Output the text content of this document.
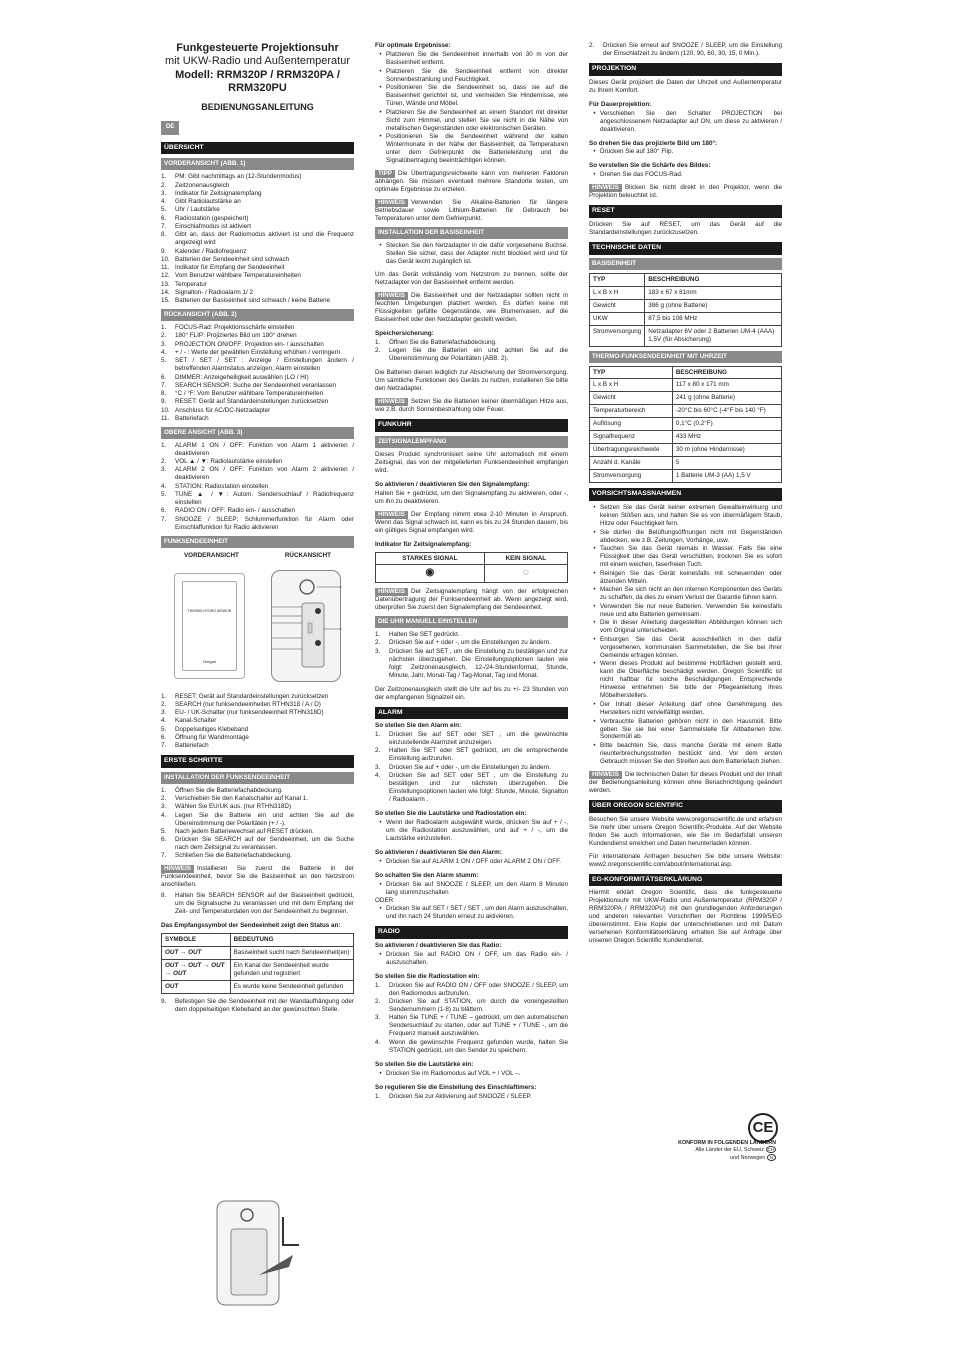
Funkgesteuerte Projektionsuhr
mit UKW-Radio und Außentemperatur
Modell: RRM320P / RRM320PA /
RRM320PU
BEDIENUNGSANLEITUNG
DE
ÜBERSICHT
VORDERANSICHT (ABB. 1)
1.	PM: Gibt nachmittags an (12-Stundenmodus)
2.	Zeitzonenausgleich
3.	Indikator für Zeitsignalempfang
4.	Gibt Radiolautstärke an
5.	Uhr / Lautstärke
6.	Radiostation (gespeichert)
7.	Einschlafmodus ist aktiviert
8.	Gibt an, dass der Radiomodus aktiviert ist und die Frequenz angezeigt wird
9.	Kalender / Radiofrequenz
10. Batterien der Sendeeinheit sind schwach
11. Indikator für Empfang der Sendeeinheit
12. Vom Benutzer wählbare Temperatureinheiten
13. Temperatur
14. Signalton- / Radioalarm 1/ 2
15. Batterien der Basiseinheit sind schwach / keine Batterie
RÜCKANSICHT (ABB. 2)
1.	FOCUS-Rad: Projektionsschärfe einstellen
2.	180° FLIP: Projiziertes Bild um 180° drehen
3.	PROJECTION ON/OFF: Projektion ein- / ausschalten
4.	+ / - : Werte der gewählten Einstellung erhöhen / verringern
5.	SET / SET / SET : Anzeige / Einstellungen ändern / betreffenden Alarmstatus anzeigen; Alarm einstellen
6.	DIMMER: Anzeigehelligkeit auswählen (LO / HI)
7.	SEARCH SENSOR: Suche der Sendeeinheit veranlassen
8.	°C / °F: Vom Benutzer wählbare Temperatureinheiten
9.	RESET: Gerät auf Standardeinstellungen zurücksetzen
10. Anschluss für AC/DC-Netzadapter
11. Batteriefach
OBERE ANSICHT (ABB. 3)
1.	ALARM 1 ON / OFF: Funktion von Alarm 1 aktivieren / deaktivieren
2.	VOL ▲ / ▼: Radiolautstärke einstellen
3.	ALARM 2 ON / OFF: Funktion von Alarm 2 aktivieren / deaktivieren
4.	STATION: Radiostation einstellen
5.	TUNE ▲ / ▼: Autom. Sendersuchlauf / Radiofrequenz einstellen
6.	RADIO ON / OFF: Radio ein- / ausschalten
7.	SNOOZE / SLEEP: Schlummerfunktion für Alarm oder Einschlaffunktion für Radio aktivieren
FUNKSENDEEINHEIT
VORDERANSICHT	RÜCKANSICHT
THERMO-HYGRO SENSOR
Oregon
1.	RESET: Gerät auf Standardeinstellungen zurücksetzen
2.	SEARCH (nur funksendeeinheiten RTHN318 / A / D)
3.	EU- / UK-Schalter (nur funksendeeinheit RTHN318D)
4.	Kanal-Schalter
5.	Doppelseitiges Klebeband
6.	Öffnung für Wandmontage
7.	Batteriefach
ERSTE SCHRITTE
INSTALLATION DER FUNKSENDEEINHEIT
1.	Öffnen Sie die Batteriefachabdeckung.
2.	Verschieben Sie den Kanalschalter auf Kanal 1.
3.	Wählen Sie EU/UK aus. (nur RTHN318D)
4.	Legen Sie die Batterie ein und achten Sie auf die Übereinstimmung der Polaritäten (+ / -).
5.	Nach jedem Batteriewechsel auf RESET drücken.
6.	Drücken Sie SEARCH auf der Sendeeinheit, um die Suche nach dem Zeitsignal zu veranlassen.
7.	Schließen Sie die Batteriefachabdeckung.
HINWEIS Installieren Sie zuerst die Batterie in der Funksendeeinheit, bevor Sie die Basiseinheit an den Netzstrom anschließen.
8.	Halten Sie SEARCH SENSOR auf der Basiseinheit gedrückt, um die Signalsuche zu veranlassen und mit dem Empfang der Zeit- und Temperaturdaten von der Sendeeinheit zu beginnen.

Das Empfangssymbol der Sendeeinheit zeigt den Status an:

SYMBOLE	BEDEUTUNG
OUT → OUT	Basiseinheit sucht nach Sendeeinheit(en)
OUT → OUT → OUT → OUT	Ein Kanal der Sendeeinheit wurde gefunden und registriert
OUT	Es wurde keine Sendeeinheit gefunden
9.	Befestigen Sie die Sendeeinheit mit der Wandaufhängung oder dem doppelseitigen Klebeband an der gewünschten Stelle.

Für optimale Ergebnisse:

• Platzieren Sie die Sendeeinheit innerhalb von 30 m von der Basiseinheit entfernt.
• Platzieren Sie die Sendeeinheit entfernt von direkter Sonnenbestrahlung und Feuchtigkeit.
• Positionieren Sie die Sendeeinheit so, dass sie auf die Basiseinheit gerichtet ist, und vermeiden Sie Hindernisse, wie Türen, Wände und Möbel.
• Platzieren Sie die Sendeeinheit an einem Standort mit direkter Sicht zum Himmel, und stellen Sie sie nicht in die Nähe von metallischen Gegenständen oder elektronischen Geräten.
• Positionieren Sie die Sendeeinheit während der kalten Wintermonate in der Nähe der Basiseinheit, da Temperaturen unter dem Gefrierpunkt die Batterieleistung und die Signalübertragung beeinträchtigen können.
TIPP Die Übertragungsreichweite kann von mehreren Faktoren abhängen. Sie müssen eventuell mehrere Standorte testen, um optimale Ergebnisse zu erzielen.
HINWEIS Verwenden Sie Alkaline-Batterien für längere Betriebsdauer sowie Lithium-Batterien für Gebrauch bei Temperaturen unter dem Gefrierpunkt.
INSTALLATION DER BASISEINHEIT
• Stecken Sie den Netzadapter in die dafür vorgesehene Buchse. Stellen Sie sicher, dass der Adapter nicht blockiert wird und für das Gerät leicht zugänglich ist.

Um das Gerät vollständig vom Netzstrom zu trennen, sollte der Netzadapter von der Basiseinheit entfernt werden.

HINWEIS Die Basiseinheit und der Netzadapter sollten nicht in feuchten Umgebungen platziert werden. Es dürfen keine mit Flüssigkeiten gefüllte Gegenstände, wie Blumenvasen, auf die Basiseinheit oder den Netzadapter gestellt werden.

Speichersicherung:

1.	Öffnen Sie die Batteriefachabdeckung.
2.	Legen Sie die Batterien ein und achten Sie auf die Übereinstimmung der Polaritäten (ABB. 2).

Die Batterien dienen lediglich zur Absicherung der Stromversorgung. Um sämtliche Funktionen des Geräts zu nutzen, installieren Sie bitte den Netzadapter.

HINWEIS Setzen Sie die Batterien keiner übermäßigen Hitze aus, wie z.B. durch Sonnenbestrahlung oder Feuer.
FUNKUHR
ZEITSIGNALEMPFANG

Dieses Produkt synchronisiert seine Uhr automatisch mit einem Zeitsignal, das von der mitgelieferten Funksendeeinheit empfangen wird.

So aktivieren / deaktivieren Sie den Signalempfang:

Halten Sie + gedrückt, um den Signalempfang zu aktivieren, oder -, um ihn zu deaktivieren.

HINWEIS Der Empfang nimmt etwa 2-10 Minuten in Anspruch. Wenn das Signal schwach ist, kann es bis zu 24 Stunden dauern, bis ein gültiges Signal empfangen wird.

Indikator für Zeitsignalempfang:

STARKES SIGNAL	KEIN SIGNAL
◉	◌
HINWEIS Der Zeitsignalempfang hängt von der erfolgreichen Datenübertragung der Funksendeeinheit ab. Wenn angezeigt wird, überprüfen Sie zuerst den Signalempfang der Sendeeinheit.
DIE UHR MANUELL EINSTELLEN
1.	Halten Sie SET gedrückt.
2.	Drücken Sie auf + oder -, um die Einstellungen zu ändern.
3.	Drücken Sie auf SET , um die Einstellung zu bestätigen und zur nächsten überzugehen. Die Einstellungsoptionen lauten wie folgt: Zeitzonenausgleich, 12-/24-Stundenformat, Stunde, Minute, Jahr, Monat-Tag / Tag-Monat, Tag und Monat.

Der Zeitzonenausgleich stellt die Uhr auf bis zu +/- 23 Stunden von der empfangenen Signalzeit ein.

ALARM

So stellen Sie den Alarm ein:

1.	Drücken Sie auf SET oder SET , um die gewünschte einzustellende Alarmzeit anzuzeigen.
2.	Halten Sie SET oder SET gedrückt, um die entsprechende Einstellung aufzurufen.
3.	Drücken Sie auf + oder -, um die Einstellungen zu ändern.
4.	Drücken Sie auf SET oder SET , um die Einstellung zu bestätigen und zur nächsten überzugehen. Die Einstellungsoptionen lauten wie folgt: Stunde, Minute, Signalton / Radioalarm .

So stellen Sie die Lautstärke und Radiostation ein:

• Wenn der Radioalarm ausgewählt wurde, drücken Sie auf + / -, um die Radiostation auszuwählen, und auf + / -, um die Lautstärke einzustellen.

So aktivieren / deaktivieren Sie den Alarm:

• Drücken Sie auf ALARM 1 ON / OFF oder ALARM 2 ON / OFF.

So schalten Sie den Alarm stumm:

• Drücken Sie auf SNOOZE / SLEEP, um den Alarm 8 Minuten lang stummzuschalten
ODER
• Drücken Sie auf SET / SET / SET , um den Alarm auszuschalten, und ihn nach 24 Stunden erneut zu aktivieren.
RADIO

So aktivieren / deaktivieren Sie das Radio:

• Drücken Sie auf RADIO ON / OFF, um das Radio ein- / auszuschalten.

So stellen Sie die Radiostation ein:

1.	Drücken Sie auf RADIO ON / OFF oder SNOOZE / SLEEP, um den Radiomodus aufzurufen.
2.	Drücken Sie auf STATION, um durch die voreingestellten Sendernummern (1-8) zu blättern.
3.	Halten Sie TUNE + / TUNE – gedrückt, um den automatischen Sendersuchlauf zu starten, oder auf TUNE + / TUNE -, um die Frequenz manuell auszuwählen.
4.	Wenn die gewünschte Frequenz gefunden wurde, halten Sie STATION gedrückt, um den Sender zu speichern.

So stellen Sie die Lautstärke ein:

• Drücken Sie im Radiomodus auf VOL + / VOL –.

So regulieren Sie die Einstellung des Einschlaftimers:

1.	Drücken Sie zur Aktivierung auf SNOOZE / SLEEP.
2.	Drücken Sie erneut auf SNOOZE / SLEEP, um die Einstellung der Einschlafzeit zu ändern (120, 90, 60, 30, 15, 0 Min.).
PROJEKTION

Dieses Gerät projiziert die Daten der Uhrzeit und Außentemperatur zu Ihrem Komfort.

Für Dauerprojektion:

• Verschieben Sie den Schalter PROJECTION bei angeschlossenem Netzadapter auf ON, um diese zu aktivieren / deaktivieren.

So drehen Sie das projizierte Bild um 180°:

• Drücken Sie auf 180° Flip.

So verstellen Sie die Schärfe des Bildes:

• Drehen Sie das FOCUS-Rad.
HINWEIS Blicken Sie nicht direkt in den Projektor, wenn die Projektion beleuchtet ist.
RESET

Drücken Sie auf RESET, um das Gerät auf die Standardeinstellungen zurückzusetzen.

TECHNISCHE DATEN
BASISEINHEIT
TYP	BESCHREIBUNG
L x B x H	183 x 67 x 81mm
Gewicht	386 g (ohne Batterie)
UKW	87,5 bis 108 MHz
Stromversorgung	Netzadapter 6V oder 2 Batterien UM-4 (AAA) 1,5V (für Absicherung)
THERMO-FUNKSENDEEINHEIT MIT UHRZEIT
TYP	BESCHREIBUNG
L x B x H	117 x 80 x 171 mm
Gewicht	241 g (ohne Batterie)
Temperaturbereich	-20°C bis 60°C (-4°F bis 140 °F)
Auflösung	0,1°C (0,2°F)
Signalfrequenz	433 MHz
Übertragungsreichweite	30 m (ohne Hindernisse)
Anzahl d. Kanäle	5
Stromversorgung	1 Batterie UM-3 (AA) 1,5 V
VORSICHTSMASSNAHMEN
• Setzen Sie das Gerät keiner extremen Gewalteinwirkung und keinen Stößen aus, und halten Sie es von übermäßigem Staub, Hitze oder Feuchtigkeit fern.
• Sie dürfen die Belüftungsöffnungen nicht mit Gegenständen abdecken, wie z.B. Zeitungen, Vorhänge, usw.
• Tauchen Sie das Gerät niemals in Wasser. Falls Sie eine Flüssigkeit über das Gerät verschütten, trocknen Sie es sofort mit einem weichen, faserfreien Tuch.
• Reinigen Sie das Gerät keinesfalls mit scheuernden oder ätzenden Mitteln.
• Machen Sie sich nicht an den internen Komponenten des Geräts zu schaffen, da dies zu einem Verlust der Garantie führen kann.
• Verwenden Sie nur neue Batterien. Verwenden Sie keinesfalls neue und alte Batterien gemeinsam.
• Die in dieser Anleitung dargestellten Abbildungen können sich vom Original unterscheiden.
• Entsorgen Sie das Gerät ausschließlich in den dafür vorgesehenen, kommunalen Sammelstellen, die Sie bei Ihrer Gemeinde erfragen können.
• Wenn dieses Produkt auf bestimmte Holzflächen gestellt wird, kann die Oberfläche beschädigt werden. Oregon Scientific ist nicht haftbar für solche Beschädigungen. Entsprechende Hinweise entnehmen Sie bitte der Pflegeanleitung Ihres Möbelherstellers.
• Der Inhalt dieser Anleitung darf ohne Genehmigung des Herstellers nicht vervielfältigt werden.
• Verbrauchte Batterien gehören nicht in den Hausmüll. Bitte geben Sie sie bei einer Sammelstelle für Altbatterien bzw. Sondermüll ab.
• Bitte beachten Sie, dass manche Geräte mit einem Batte rieunterbrechungsstreifen bestückt sind. Vor dem ersten Gebrauch müssen Sie den Streifen aus dem Batteriefach ziehen.
HINWEIS Die technischen Daten für dieses Produkt und der Inhalt der Bedienungsanleitung können ohne Benachrichtigung geändert werden.
ÜBER OREGON SCIENTIFIC

Besuchen Sie unsere Website www.oregonscientific.de und erfahren Sie mehr über unsere Oregon Scientific-Produkte. Auf der Website finden Sie auch Informationen, wie Sie im Bedarfsfall unseren Kundendienst erreichen und Daten herunterladen können.

Für internationale Anfragen besuchen Sie bitte unsere Website: www2.oregonscientific.com/about/international.asp.

EG-KONFORMITÄTSERKLÄRUNG

Hiermit erklärt Oregon Scientific, dass die funkgesteuerte Projektionsuhr mit UKW-Radio und Außentemperatur (RRM320P / RRM320PA / RRM320PU) mit den grundlegenden Anforderungen und anderen relevanten Vorschriften der Richtlinie 1999/5/EG übereinstimmt. Eine Kopie der unterschriebenen und mit Datum versehenen Konformitätserklärung erhalten Sie auf Anfrage über unseren Oregon Scientific Kundendienst.

CE
KONFORM IN FOLGENDEN LÄNDERN
Alle Länder der EU, Schweiz CH
und Norwegen N
